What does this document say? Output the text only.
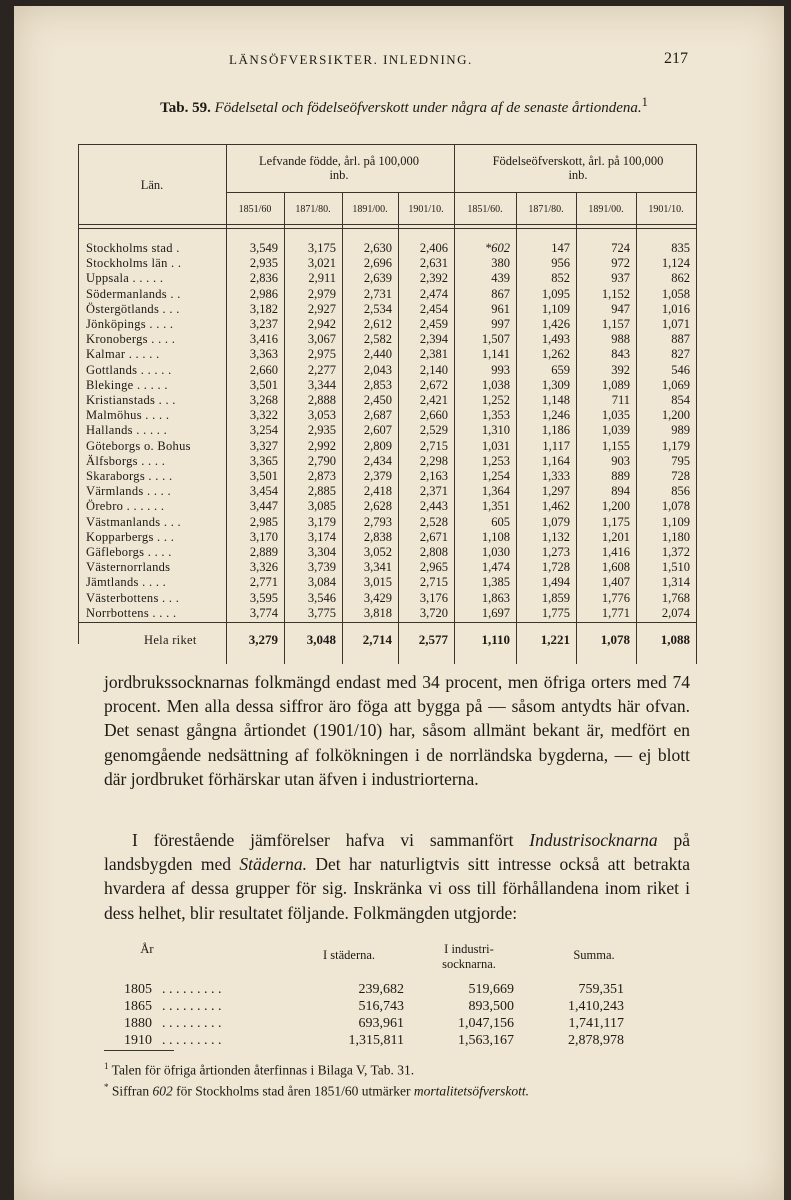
LÄNSÖFVERSIKTER. INLEDNING.	217
Tab. 59. Födelsetal och födelseöfverskott under några af de senaste årtiondena.$^1$
Län.
Lefvande födde, årl. på 100,000 inb.
Födelseöfverskott, årl. på 100,000 inb.
1851/60	1871/80.	1891/00.	1901/10.	1851/60.	1871/80.	1891/00.	1901/10.
Stockholms stad .	3,549	3,175	2,630	2,406	*602	147	724	835
Stockholms län . .	2,935	3,021	2,696	2,631	380	956	972	1,124
Uppsala . . . . .	2,836	2,911	2,639	2,392	439	852	937	862
Södermanlands . .	2,986	2,979	2,731	2,474	867	1,095	1,152	1,058
Östergötlands . . .	3,182	2,927	2,534	2,454	961	1,109	947	1,016
Jönköpings . . . .	3,237	2,942	2,612	2,459	997	1,426	1,157	1,071
Kronobergs . . . .	3,416	3,067	2,582	2,394	1,507	1,493	988	887
Kalmar . . . . .	3,363	2,975	2,440	2,381	1,141	1,262	843	827
Gottlands . . . . .	2,660	2,277	2,043	2,140	993	659	392	546
Blekinge . . . . .	3,501	3,344	2,853	2,672	1,038	1,309	1,089	1,069
Kristianstads . . .	3,268	2,888	2,450	2,421	1,252	1,148	711	854
Malmöhus . . . .	3,322	3,053	2,687	2,660	1,353	1,246	1,035	1,200
Hallands . . . . .	3,254	2,935	2,607	2,529	1,310	1,186	1,039	989
Göteborgs o. Bohus	3,327	2,992	2,809	2,715	1,031	1,117	1,155	1,179
Älfsborgs . . . .	3,365	2,790	2,434	2,298	1,253	1,164	903	795
Skaraborgs . . . .	3,501	2,873	2,379	2,163	1,254	1,333	889	728
Värmlands . . . .	3,454	2,885	2,418	2,371	1,364	1,297	894	856
Örebro . . . . . .	3,447	3,085	2,628	2,443	1,351	1,462	1,200	1,078
Västmanlands . . .	2,985	3,179	2,793	2,528	605	1,079	1,175	1,109
Kopparbergs . . .	3,170	3,174	2,838	2,671	1,108	1,132	1,201	1,180
Gäfleborgs . . . .	2,889	3,304	3,052	2,808	1,030	1,273	1,416	1,372
Västernorrlands	3,326	3,739	3,341	2,965	1,474	1,728	1,608	1,510
Jämtlands . . . .	2,771	3,084	3,015	2,715	1,385	1,494	1,407	1,314
Västerbottens . . .	3,595	3,546	3,429	3,176	1,863	1,859	1,776	1,768
Norrbottens . . . .	3,774	3,775	3,818	3,720	1,697	1,775	1,771	2,074
Hela riket	3,279	3,048	2,714	2,577	1,110	1,221	1,078	1,088

jordbrukssocknarnas folkmängd endast med 34 procent, men öfriga orters med 74 procent. Men alla dessa siffror äro föga att bygga på — såsom antydts här ofvan. Det senast gångna årtiondet (1901/10) har, såsom allmänt bekant är, medfört en genomgående nedsättning af folkökningen i de norrländska bygderna, — ej blott där jordbruket förhärskar utan äfven i industriorterna.

I förestående jämförelser hafva vi sammanfört Industrisocknarna på landsbygden med Städerna. Det har naturligtvis sitt intresse också att betrakta hvardera af dessa grupper för sig. Inskränka vi oss till förhållandena inom riket i dess helhet, blir resultatet följande. Folkmängden utgjorde:

År	I städerna.	I industri-socknarna.
Summa.
1805 . . . . . . . . .	239,682	519,669	759,351
1865 . . . . . . . . .	516,743	893,500	1,410,243
1880 . . . . . . . . .	693,961	1,047,156	1,741,117
1910 . . . . . . . . .	1,315,811	1,563,167	2,878,978

$^1$ Talen för öfriga årtionden återfinnas i Bilaga V, Tab. 31.

* Siffran 602 för Stockholms stad åren 1851/60 utmärker mortalitetsöfverskott.
